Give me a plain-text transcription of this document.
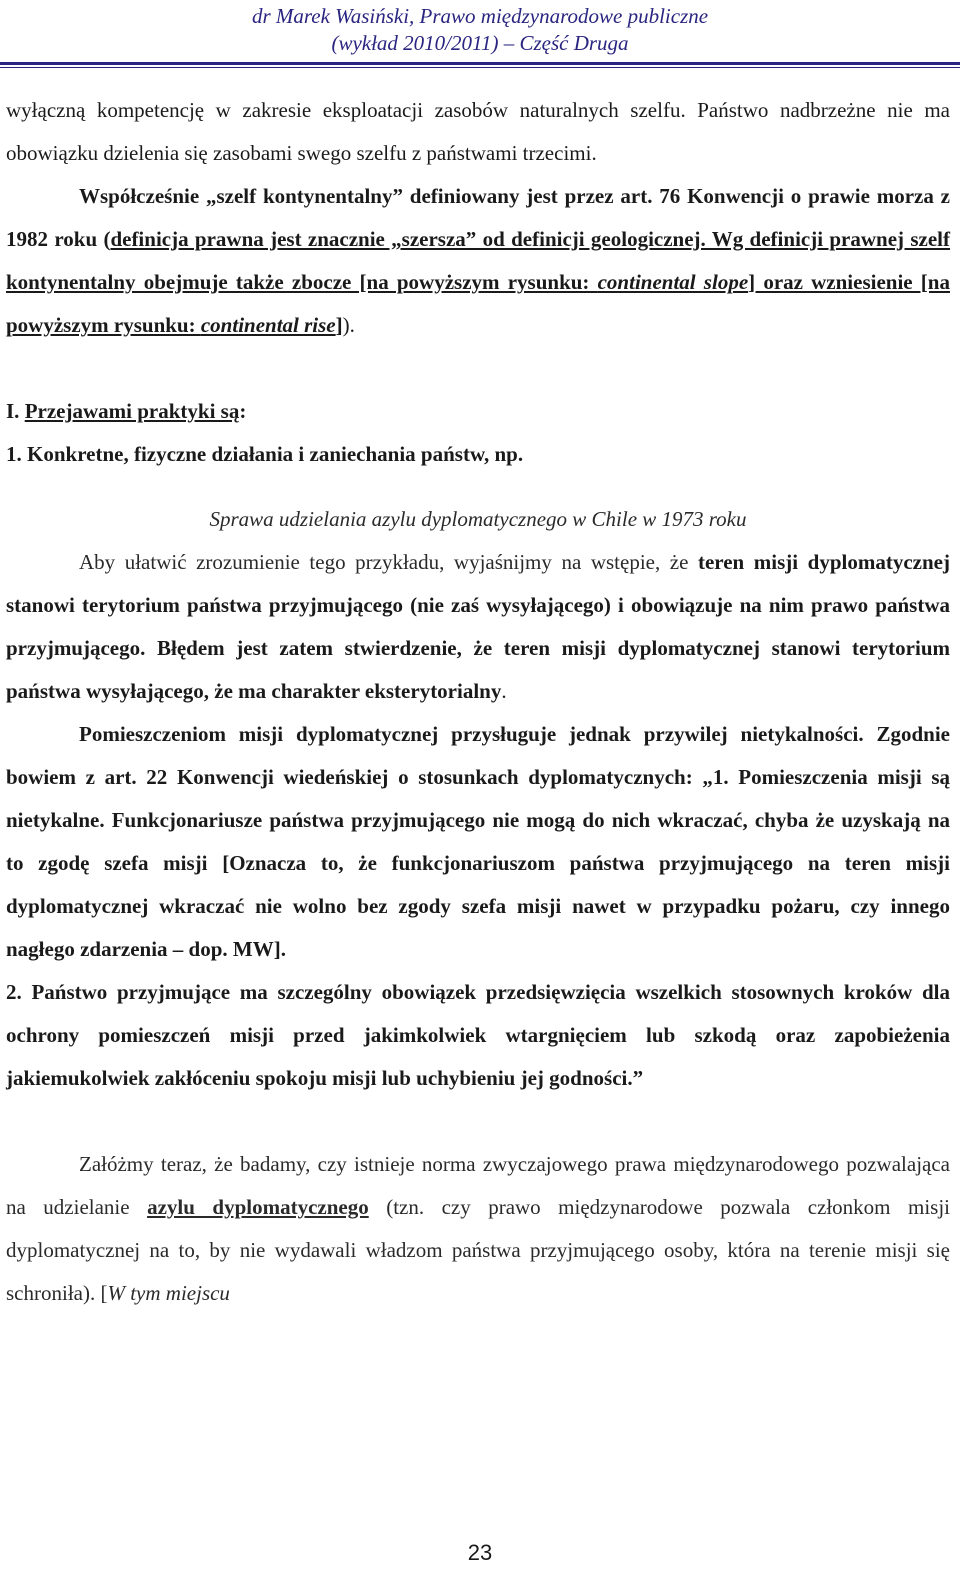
dr Marek Wasiński, Prawo międzynarodowe publiczne
(wykład 2010/2011) – Część Druga

wyłączną kompetencję w zakresie eksploatacji zasobów naturalnych szelfu. Państwo nadbrzeżne nie ma obowiązku dzielenia się zasobami swego szelfu z państwami trzecimi.

Współcześnie „szelf kontynentalny” definiowany jest przez art. 76 Konwencji o prawie morza z 1982 roku (definicja prawna jest znacznie „szersza” od definicji geologicznej. Wg definicji prawnej szelf kontynentalny obejmuje także zbocze [na powyższym rysunku: continental slope] oraz wzniesienie [na powyższym rysunku: continental rise]).

I. Przejawami praktyki są:

1. Konkretne, fizyczne działania i zaniechania państw, np.

Sprawa udzielania azylu dyplomatycznego w Chile w 1973 roku

Aby ułatwić zrozumienie tego przykładu, wyjaśnijmy na wstępie, że teren misji dyplomatycznej stanowi terytorium państwa przyjmującego (nie zaś wysyłającego) i obowiązuje na nim prawo państwa przyjmującego. Błędem jest zatem stwierdzenie, że teren misji dyplomatycznej stanowi terytorium państwa wysyłającego, że ma charakter eksterytorialny.

Pomieszczeniom misji dyplomatycznej przysługuje jednak przywilej nietykalności. Zgodnie bowiem z art. 22 Konwencji wiedeńskiej o stosunkach dyplomatycznych: „1. Pomieszczenia misji są nietykalne. Funkcjonariusze państwa przyjmującego nie mogą do nich wkraczać, chyba że uzyskają na to zgodę szefa misji [Oznacza to, że funkcjonariuszom państwa przyjmującego na teren misji dyplomatycznej wkraczać nie wolno bez zgody szefa misji nawet w przypadku pożaru, czy innego nagłego zdarzenia – dop. MW].

2. Państwo przyjmujące ma szczególny obowiązek przedsięwzięcia wszelkich stosownych kroków dla ochrony pomieszczeń misji przed jakimkolwiek wtargnięciem lub szkodą oraz zapobieżenia jakiemukolwiek zakłóceniu spokoju misji lub uchybieniu jej godności.”

Załóżmy teraz, że badamy, czy istnieje norma zwyczajowego prawa międzynarodowego pozwalająca na udzielanie azylu dyplomatycznego (tzn. czy prawo międzynarodowe pozwala członkom misji dyplomatycznej na to, by nie wydawali władzom państwa przyjmującego osoby, która na terenie misji się schroniła). [W tym miejscu

23
